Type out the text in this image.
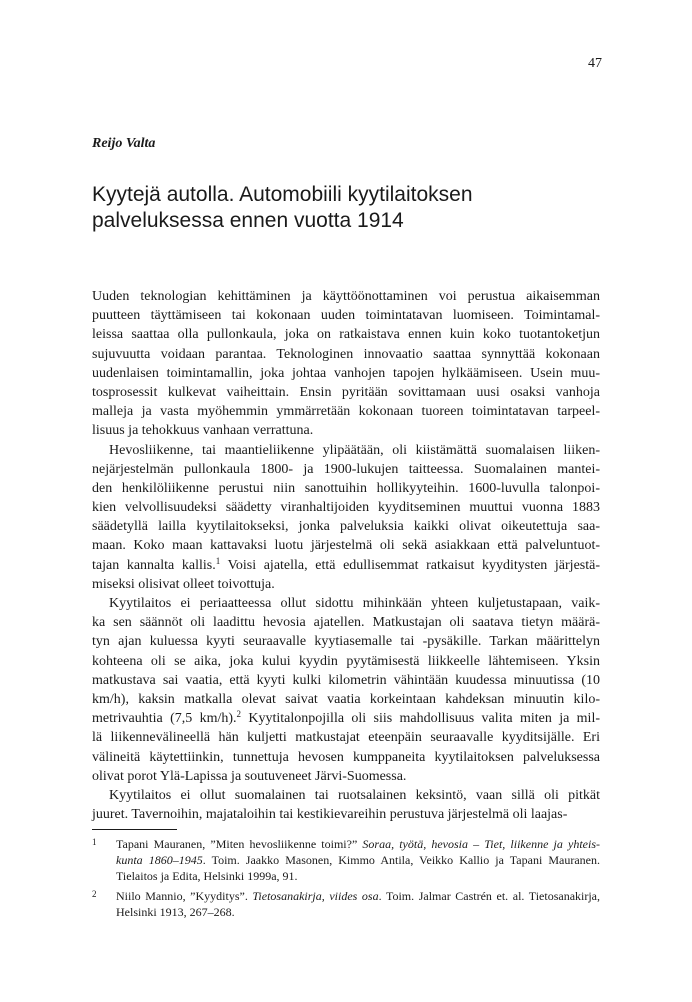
47
Reijo Valta
Kyytejä autolla. Automobiili kyytilaitoksen
palveluksessa ennen vuotta 1914
Uuden teknologian kehittäminen ja käyttöönottaminen voi perustua aikaisemman
puutteen täyttämiseen tai kokonaan uuden toimintatavan luomiseen. Toimintamal-
leissa saattaa olla pullonkaula, joka on ratkaistava ennen kuin koko tuotantoketjun
sujuvuutta voidaan parantaa. Teknologinen innovaatio saattaa synnyttää kokonaan
uudenlaisen toimintamallin, joka johtaa vanhojen tapojen hylkäämiseen. Usein muu-
tosprosessit kulkevat vaiheittain. Ensin pyritään sovittamaan uusi osaksi vanhoja
malleja ja vasta myöhemmin ymmärretään kokonaan tuoreen toimintatavan tarpeel-
lisuus ja tehokkuus vanhaan verrattuna.
Hevosliikenne, tai maantieliikenne ylipäätään, oli kiistämättä suomalaisen liiken-
nejärjestelmän pullonkaula 1800- ja 1900-lukujen taitteessa. Suomalainen mantei-
den henkilöliikenne perustui niin sanottuihin hollikyyteihin. 1600-luvulla talonpoi-
kien velvollisuudeksi säädetty viranhaltijoiden kyyditseminen muuttui vuonna 1883
säädetyllä lailla kyytilaitokseksi, jonka palveluksia kaikki olivat oikeutettuja saa-
maan. Koko maan kattavaksi luotu järjestelmä oli sekä asiakkaan että palveluntuot-
tajan kannalta kallis.$^1$ Voisi ajatella, että edullisemmat ratkaisut kyyditysten järjestä-
miseksi olisivat olleet toivottuja.
Kyytilaitos ei periaatteessa ollut sidottu mihinkään yhteen kuljetustapaan, vaik-
ka sen säännöt oli laadittu hevosia ajatellen. Matkustajan oli saatava tietyn määrä-
tyn ajan kuluessa kyyti seuraavalle kyytiasemalle tai -pysäkille. Tarkan määrittelyn
kohteena oli se aika, joka kului kyydin pyytämisestä liikkeelle lähtemiseen. Yksin
matkustava sai vaatia, että kyyti kulki kilometrin vähintään kuudessa minuutissa (10
km/h), kaksin matkalla olevat saivat vaatia korkeintaan kahdeksan minuutin kilo-
metrivauhtia (7,5 km/h).$^2$ Kyytitalonpojilla oli siis mahdollisuus valita miten ja mil-
lä liikennevälineellä hän kuljetti matkustajat eteenpäin seuraavalle kyyditsijälle. Eri
välineitä käytettiinkin, tunnettuja hevosen kumppaneita kyytilaitoksen palveluksessa
olivat porot Ylä-Lapissa ja soutuveneet Järvi-Suomessa.
Kyytilaitos ei ollut suomalainen tai ruotsalainen keksintö, vaan sillä oli pitkät
juuret. Tavernoihin, majataloihin tai kestikievareihin perustuva järjestelmä oli laajas-
1 Tapani Mauranen, ”Miten hevosliikenne toimi?” Soraa, työtä, hevosia – Tiet, liikenne ja yhteis-
kunta 1860–1945. Toim. Jaakko Masonen, Kimmo Antila, Veikko Kallio ja Tapani Mauranen.
Tielaitos ja Edita, Helsinki 1999a, 91.
2 Niilo Mannio, ”Kyyditys”. Tietosanakirja, viides osa. Toim. Jalmar Castrén et. al. Tietosanakirja,
Helsinki 1913, 267–268.
